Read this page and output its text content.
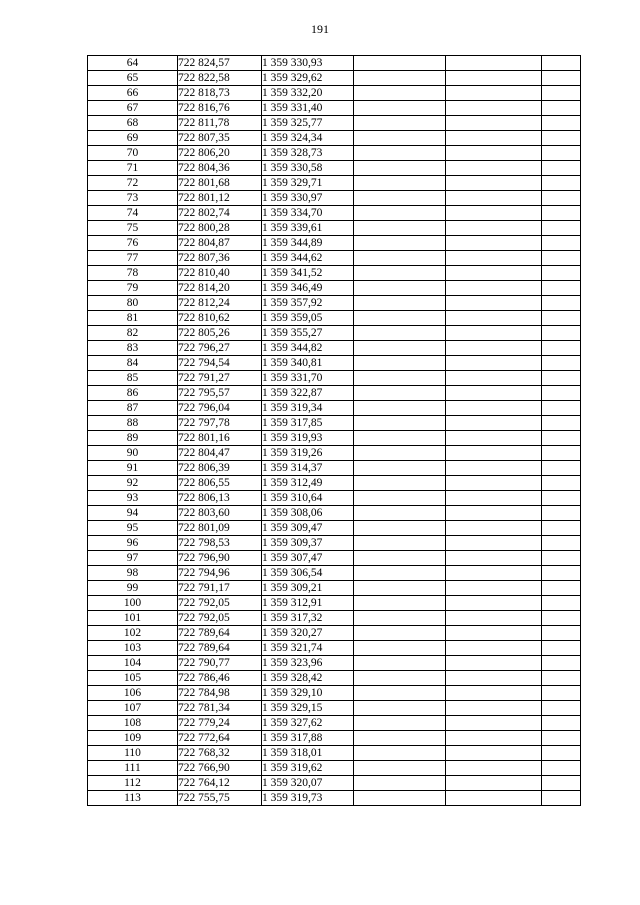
191
64	722 824,57	1 359 330,93			
65	722 822,58	1 359 329,62			
66	722 818,73	1 359 332,20			
67	722 816,76	1 359 331,40			
68	722 811,78	1 359 325,77			
69	722 807,35	1 359 324,34			
70	722 806,20	1 359 328,73			
71	722 804,36	1 359 330,58			
72	722 801,68	1 359 329,71			
73	722 801,12	1 359 330,97			
74	722 802,74	1 359 334,70			
75	722 800,28	1 359 339,61			
76	722 804,87	1 359 344,89			
77	722 807,36	1 359 344,62			
78	722 810,40	1 359 341,52			
79	722 814,20	1 359 346,49			
80	722 812,24	1 359 357,92			
81	722 810,62	1 359 359,05			
82	722 805,26	1 359 355,27			
83	722 796,27	1 359 344,82			
84	722 794,54	1 359 340,81			
85	722 791,27	1 359 331,70			
86	722 795,57	1 359 322,87			
87	722 796,04	1 359 319,34			
88	722 797,78	1 359 317,85			
89	722 801,16	1 359 319,93			
90	722 804,47	1 359 319,26			
91	722 806,39	1 359 314,37			
92	722 806,55	1 359 312,49			
93	722 806,13	1 359 310,64			
94	722 803,60	1 359 308,06			
95	722 801,09	1 359 309,47			
96	722 798,53	1 359 309,37			
97	722 796,90	1 359 307,47			
98	722 794,96	1 359 306,54			
99	722 791,17	1 359 309,21			
100	722 792,05	1 359 312,91			
101	722 792,05	1 359 317,32			
102	722 789,64	1 359 320,27			
103	722 789,64	1 359 321,74			
104	722 790,77	1 359 323,96			
105	722 786,46	1 359 328,42			
106	722 784,98	1 359 329,10			
107	722 781,34	1 359 329,15			
108	722 779,24	1 359 327,62			
109	722 772,64	1 359 317,88			
110	722 768,32	1 359 318,01			
111	722 766,90	1 359 319,62			
112	722 764,12	1 359 320,07			
113	722 755,75	1 359 319,73			
